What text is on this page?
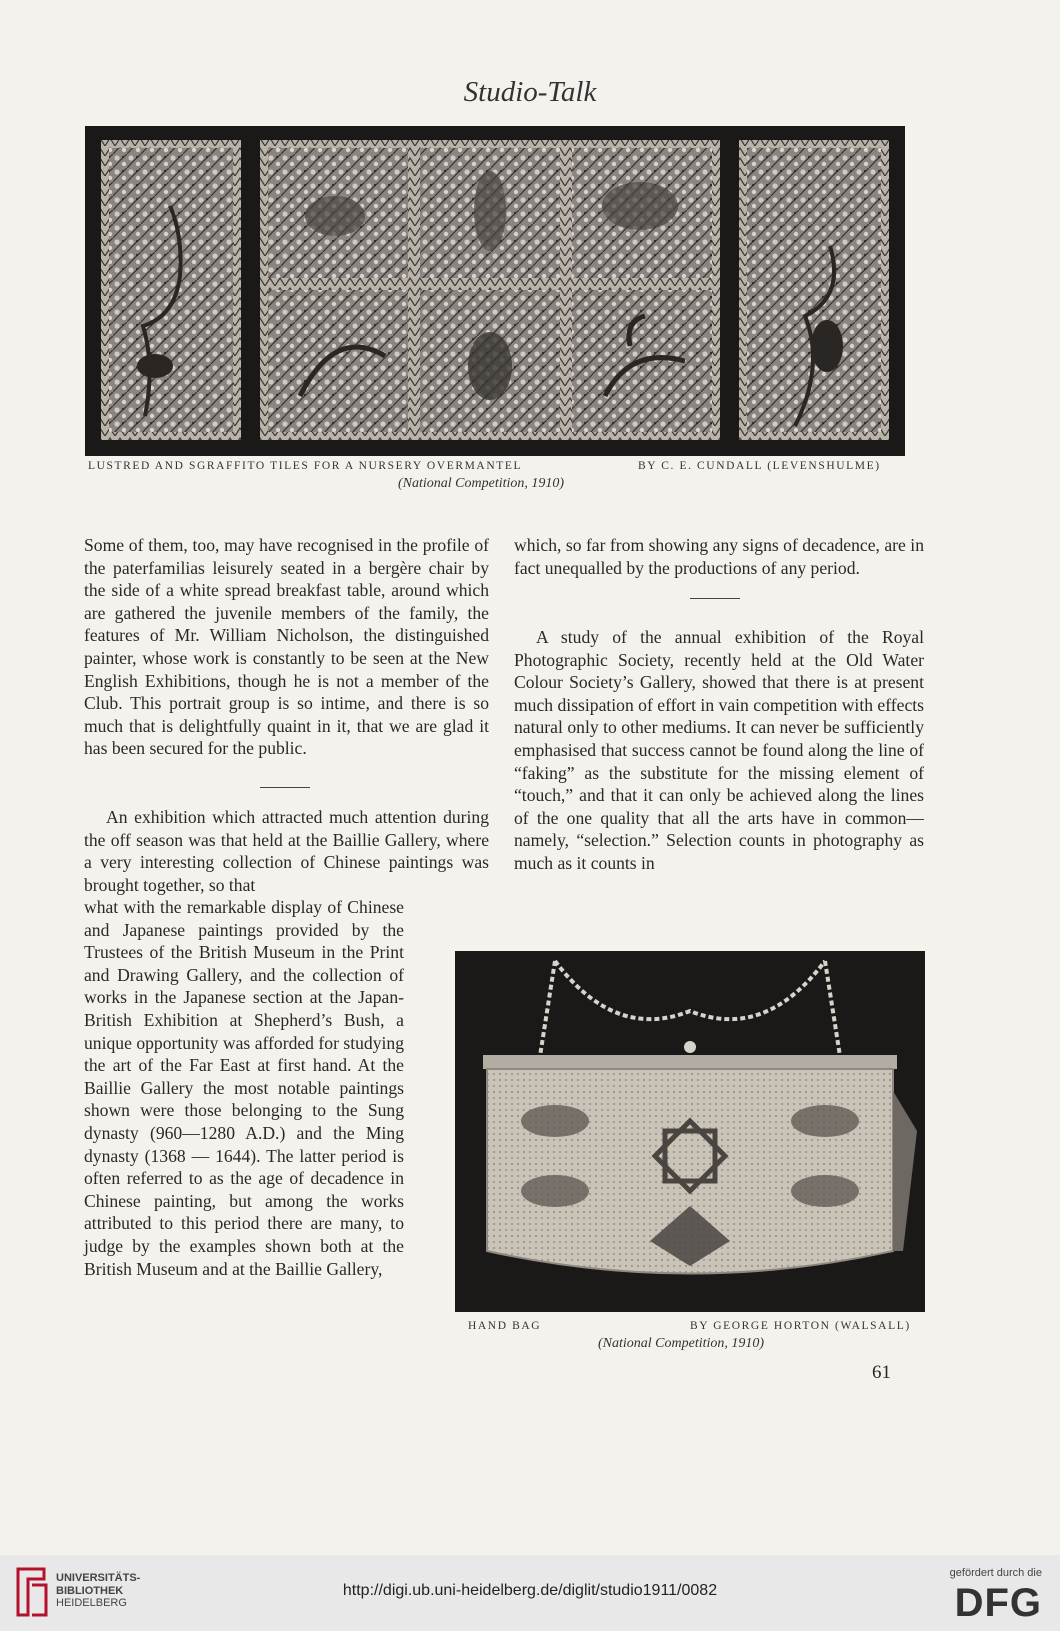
Studio-Talk
LUSTRED AND SGRAFFITO TILES FOR A NURSERY OVERMANTEL	BY C. E. CUNDALL (LEVENSHULME)
(National Competition, 1910)

Some of them, too, may have recognised in the profile of the paterfamilias leisurely seated in a bergère chair by the side of a white spread breakfast table, around which are gathered the juvenile members of the family, the features of Mr. William Nicholson, the distinguished painter, whose work is constantly to be seen at the New English Exhibitions, though he is not a member of the Club. This portrait group is so intime, and there is so much that is delightfully quaint in it, that we are glad it has been secured for the public.

An exhibition which attracted much attention during the off season was that held at the Baillie Gallery, where a very interesting collection of Chinese paintings was brought together, so that

what with the remarkable display of Chinese and Japanese paintings provided by the Trustees of the British Museum in the Print and Drawing Gallery, and the collection of works in the Japanese section at the Japan-British Exhibition at Shepherd’s Bush, a unique opportunity was afforded for studying the art of the Far East at first hand. At the Baillie Gallery the most notable paintings shown were those belonging to the Sung dynasty (960—1280 A.D.) and the Ming dynasty (1368 — 1644). The latter period is often referred to as the age of decadence in Chinese painting, but among the works attributed to this period there are many, to judge by the examples shown both at the British Museum and at the Baillie Gallery,

which, so far from showing any signs of decadence, are in fact unequalled by the productions of any period.

A study of the annual exhibition of the Royal Photographic Society, recently held at the Old Water Colour Society’s Gallery, showed that there is at present much dissipation of effort in vain competition with effects natural only to other mediums. It can never be sufficiently emphasised that success cannot be found along the line of “faking” as the substitute for the missing element of “touch,” and that it can only be achieved along the lines of the one quality that all the arts have in common—namely, “selection.” Selection counts in photography as much as it counts in

HAND BAG	BY GEORGE HORTON (WALSALL)
(National Competition, 1910)
61
UNIVERSITÄTS-
BIBLIOTHEK
HEIDELBERG
http://digi.ub.uni-heidelberg.de/diglit/studio1911/0082
gefördert durch die
DFG
